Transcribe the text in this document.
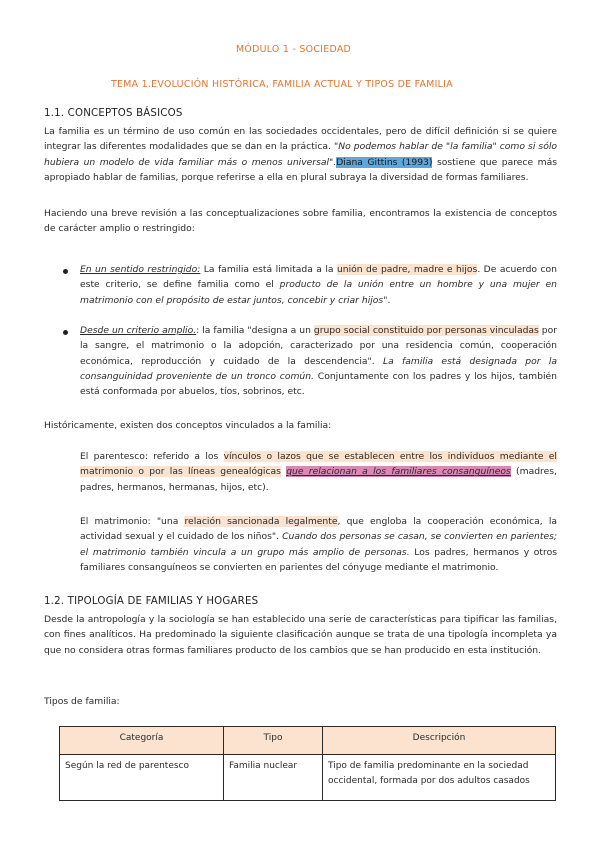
MÓDULO 1 - SOCIEDAD
TEMA 1.EVOLUCIÓN HISTÓRICA, FAMILIA ACTUAL Y TIPOS DE FAMILIA
1.1. CONCEPTOS BÁSICOS

La familia es un término de uso común en las sociedades occidentales, pero de difícil definición si se quiere integrar las diferentes modalidades que se dan en la práctica. "No podemos hablar de "la familia" como si sólo hubiera un modelo de vida familiar más o menos universal".Diana Gittins (1993) sostiene que parece más apropiado hablar de familias, porque referirse a ella en plural subraya la diversidad de formas familiares.

Haciendo una breve revisión a las conceptualizaciones sobre familia, encontramos la existencia de conceptos de carácter amplio o restringido:

En un sentido restringido: La familia está limitada a la unión de padre, madre e hijos. De acuerdo con este criterio, se define familia como el producto de la unión entre un hombre y una mujer en matrimonio con el propósito de estar juntos, concebir y criar hijos".

Desde un criterio amplio.: la familia "designa a un grupo social constituido por personas vinculadas por la sangre, el matrimonio o la adopción, caracterizado por una residencia común, cooperación económica, reproducción y cuidado de la descendencia". La familia está designada por la consanguinidad proveniente de un tronco común. Conjuntamente con los padres y los hijos, también está conformada por abuelos, tíos, sobrinos, etc.

Históricamente, existen dos conceptos vinculados a la familia:

El parentesco: referido a los vínculos o lazos que se establecen entre los individuos mediante el matrimonio o por las líneas genealógicas que relacionan a los familiares consanguíneos (madres, padres, hermanos, hermanas, hijos, etc).

El matrimonio: "una relación sancionada legalmente, que engloba la cooperación económica, la actividad sexual y el cuidado de los niños". Cuando dos personas se casan, se convierten en parientes; el matrimonio también vincula a un grupo más amplio de personas. Los padres, hermanos y otros familiares consanguíneos se convierten en parientes del cónyuge mediante el matrimonio.

1.2. TIPOLOGÍA DE FAMILIAS Y HOGARES

Desde la antropología y la sociología se han establecido una serie de características para tipificar las familias, con fines analíticos. Ha predominado la siguiente clasificación aunque se trata de una tipología incompleta ya que no considera otras formas familiares producto de los cambios que se han producido en esta institución.

Tipos de familia:

Categoría	Tipo	Descripción
Según la red de parentesco	Familia nuclear	Tipo de familia predominante en la sociedad occidental, formada por dos adultos casados
